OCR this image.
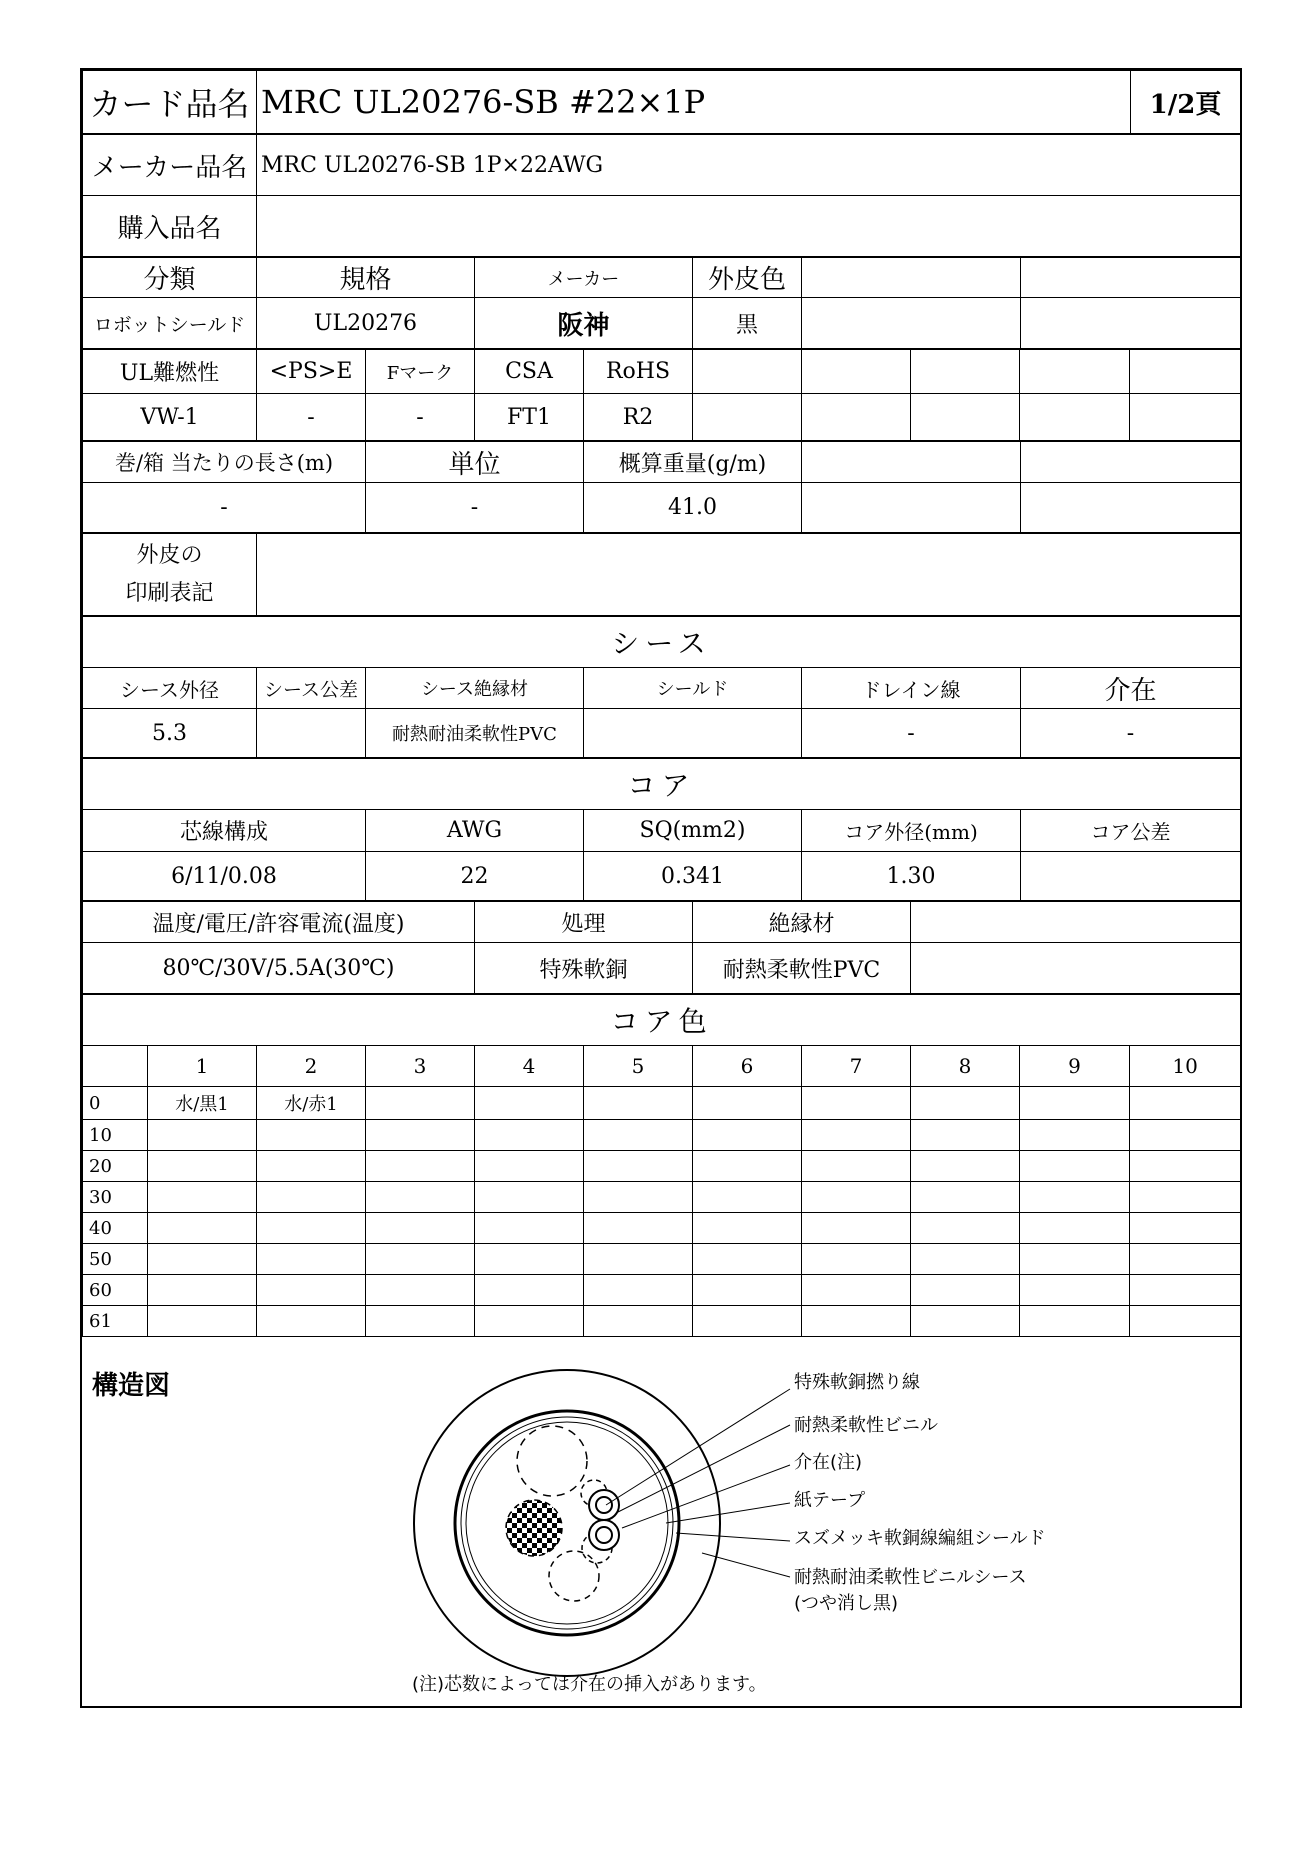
カード品名	MRC UL20276-SB #22×1P	1/2頁
メーカー品名	MRC UL20276-SB 1P×22AWG
購入品名	
分類	規格	メーカー	外皮色		
ロボットシールド	UL20276	阪神	黒		
UL難燃性	<PS>E	Fマーク	CSA	RoHS					
VW-1	-	-	FT1	R2					
巻/箱 当たりの長さ(m)	単位	概算重量(g/m)		
-	-	41.0		
外皮の
印刷表記

シース					
シース外径	シース公差	シース絶縁材	シールド	ドレイン線	介在
5.3		耐熱耐油柔軟性PVC		-	-
コア				
芯線構成	AWG	SQ(mm2)	コア外径(mm)	コア公差
6/11/0.08	22	0.341	1.30	
温度/電圧/許容電流(温度)	処理	絶縁材	
80℃/30V/5.5A(30℃)	特殊軟銅	耐熱柔軟性PVC	
コア色										
	1	2	3	4	5	6	7	8	9	10
0	水/黒1	水/赤1								
10										
20										
30										
40										
50										
60										
61										
構造図	特殊軟銅撚り線
耐熱柔軟性ビニル
介在(注)
紙テープ
スズメッキ軟銅線編組シールド
耐熱耐油柔軟性ビニルシース
(つや消し黒)
(注)芯数によっては介在の挿入があります。
